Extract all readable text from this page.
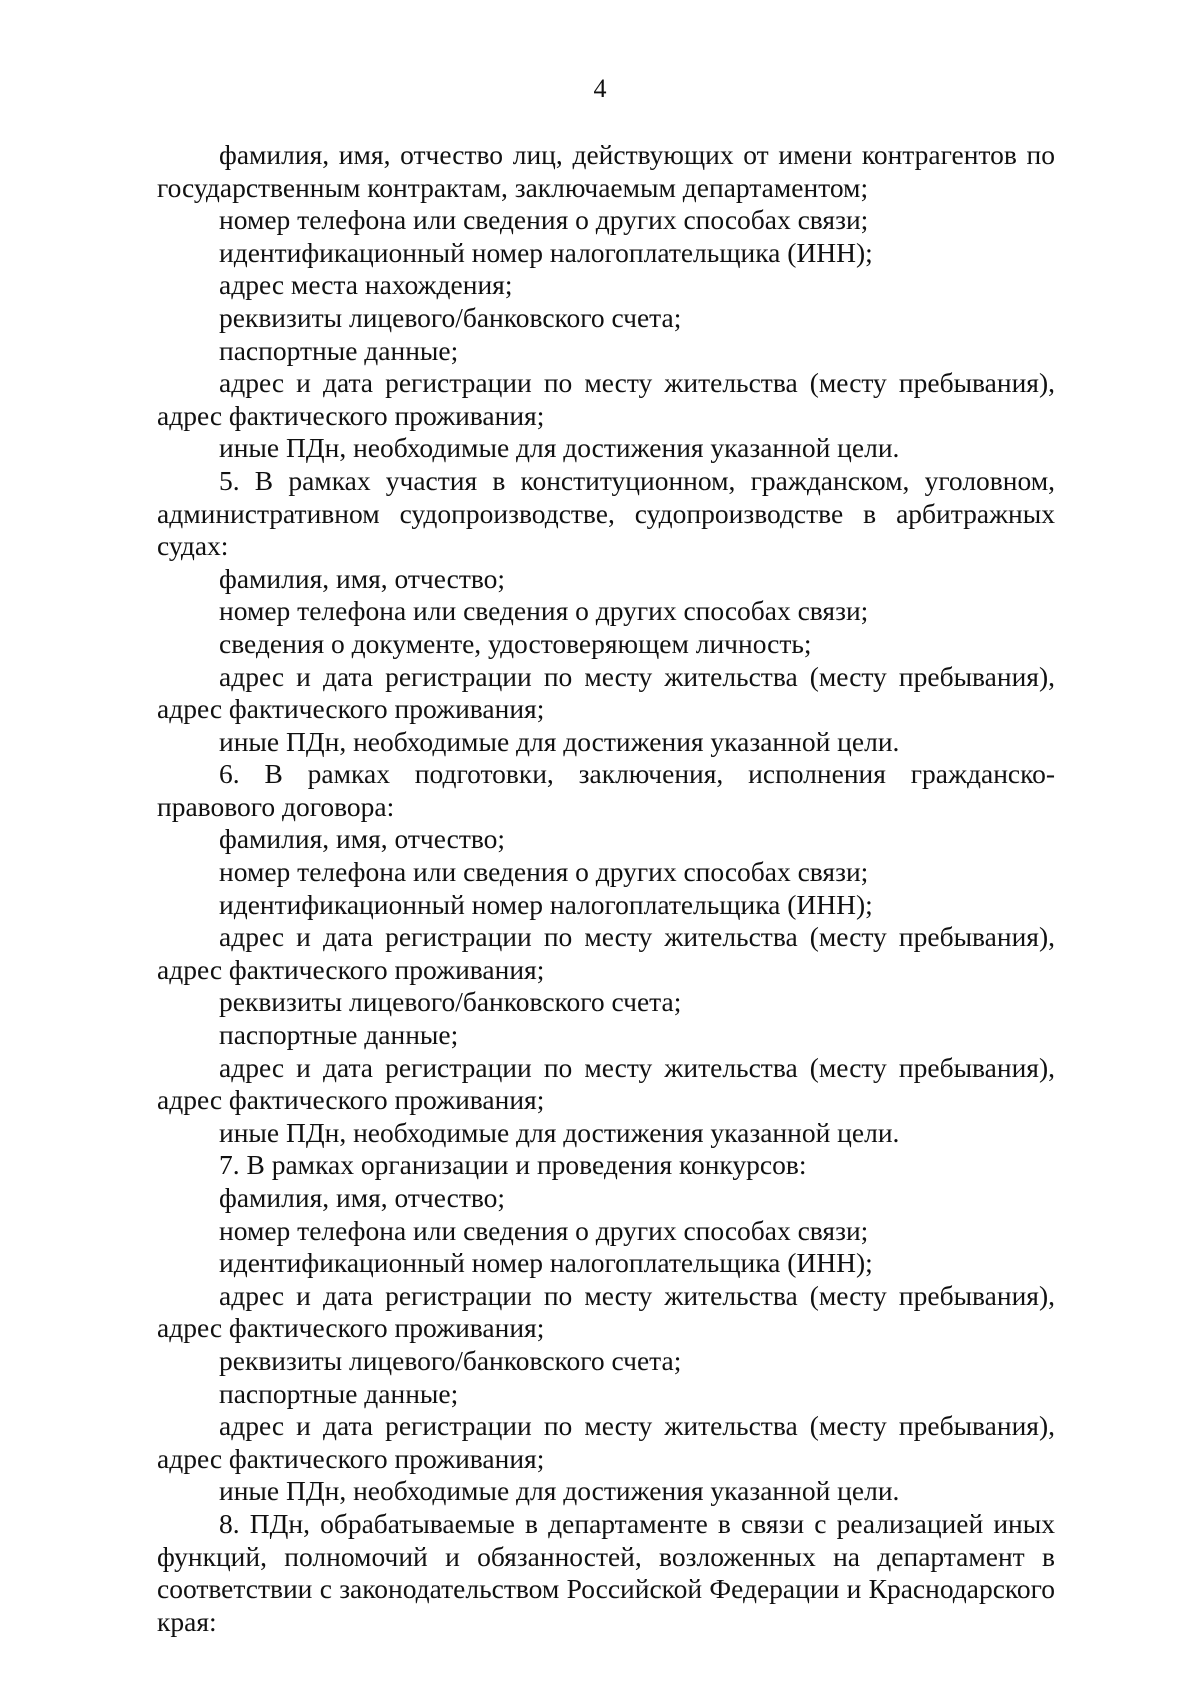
4

фамилия, имя, отчество лиц, действующих от имени контрагентов по государственным контрактам, заключаемым департаментом;

номер телефона или сведения о других способах связи;

идентификационный номер налогоплательщика (ИНН);

адрес места нахождения;

реквизиты лицевого/банковского счета;

паспортные данные;

адрес и дата регистрации по месту жительства (месту пребывания), адрес фактического проживания;

иные ПДн, необходимые для достижения указанной цели.

5. В рамках участия в конституционном, гражданском, уголовном, административном судопроизводстве, судопроизводстве в арбитражных судах:

фамилия, имя, отчество;

номер телефона или сведения о других способах связи;

сведения о документе, удостоверяющем личность;

адрес и дата регистрации по месту жительства (месту пребывания), адрес фактического проживания;

иные ПДн, необходимые для достижения указанной цели.

6. В рамках подготовки, заключения, исполнения гражданско-правового договора:

фамилия, имя, отчество;

номер телефона или сведения о других способах связи;

идентификационный номер налогоплательщика (ИНН);

адрес и дата регистрации по месту жительства (месту пребывания), адрес фактического проживания;

реквизиты лицевого/банковского счета;

паспортные данные;

адрес и дата регистрации по месту жительства (месту пребывания), адрес фактического проживания;

иные ПДн, необходимые для достижения указанной цели.

7. В рамках организации и проведения конкурсов:

фамилия, имя, отчество;

номер телефона или сведения о других способах связи;

идентификационный номер налогоплательщика (ИНН);

адрес и дата регистрации по месту жительства (месту пребывания), адрес фактического проживания;

реквизиты лицевого/банковского счета;

паспортные данные;

адрес и дата регистрации по месту жительства (месту пребывания), адрес фактического проживания;

иные ПДн, необходимые для достижения указанной цели.

8. ПДн, обрабатываемые в департаменте в связи с реализацией иных функций, полномочий и обязанностей, возложенных на департамент в соответствии с законодательством Российской Федерации и Краснодарского края:
